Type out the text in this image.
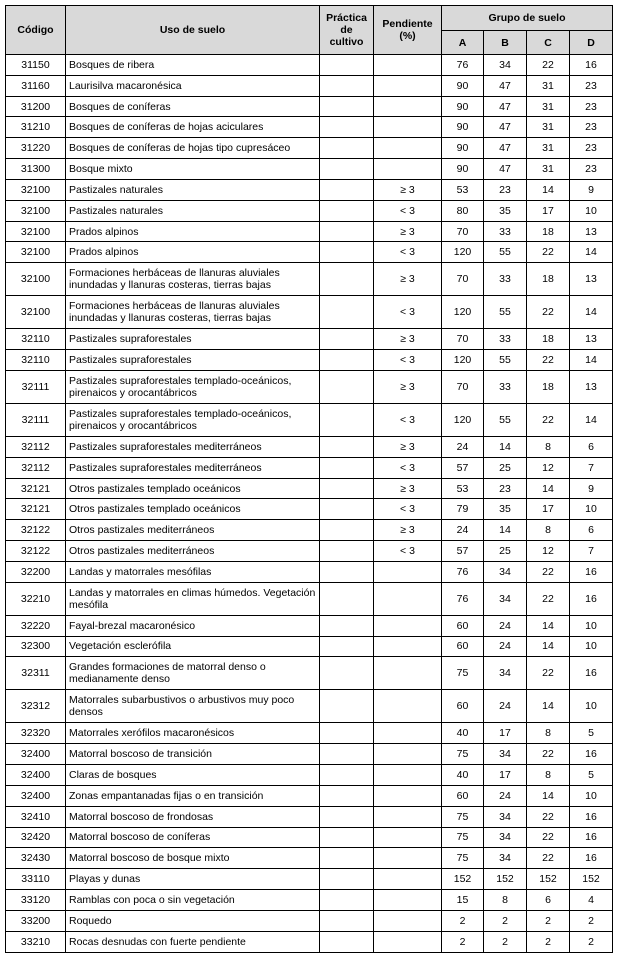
Código	Uso de suelo	Práctica de cultivo	Pendiente (%)	Grupo de suelo			
				A	B	C	D
31150	Bosques de ribera			76	34	22	16
31160	Laurisilva macaronésica			90	47	31	23
31200	Bosques de coníferas			90	47	31	23
31210	Bosques de coníferas de hojas aciculares			90	47	31	23
31220	Bosques de coníferas de hojas tipo cupresáceo			90	47	31	23
31300	Bosque mixto			90	47	31	23
32100	Pastizales naturales		≥ 3	53	23	14	9
32100	Pastizales naturales		< 3	80	35	17	10
32100	Prados alpinos		≥ 3	70	33	18	13
32100	Prados alpinos		< 3	120	55	22	14
32100	Formaciones herbáceas de llanuras aluviales inundadas y llanuras costeras, tierras bajas		≥ 3	70	33	18	13
32100	Formaciones herbáceas de llanuras aluviales inundadas y llanuras costeras, tierras bajas		< 3	120	55	22	14
32110	Pastizales supraforestales		≥ 3	70	33	18	13
32110	Pastizales supraforestales		< 3	120	55	22	14
32111	Pastizales supraforestales templado-oceánicos, pirenaicos y orocantábricos		≥ 3	70	33	18	13
32111	Pastizales supraforestales templado-oceánicos, pirenaicos y orocantábricos		< 3	120	55	22	14
32112	Pastizales supraforestales mediterráneos		≥ 3	24	14	8	6
32112	Pastizales supraforestales mediterráneos		< 3	57	25	12	7
32121	Otros pastizales templado oceánicos		≥ 3	53	23	14	9
32121	Otros pastizales templado oceánicos		< 3	79	35	17	10
32122	Otros pastizales mediterráneos		≥ 3	24	14	8	6
32122	Otros pastizales mediterráneos		< 3	57	25	12	7
32200	Landas y matorrales mesófilas			76	34	22	16
32210	Landas y matorrales en climas húmedos. Vegetación mesófila			76	34	22	16
32220	Fayal-brezal macaronésico			60	24	14	10
32300	Vegetación esclerófila			60	24	14	10
32311	Grandes formaciones de matorral denso o medianamente denso			75	34	22	16
32312	Matorrales subarbustivos o arbustivos muy poco densos			60	24	14	10
32320	Matorrales xerófilos macaronésicos			40	17	8	5
32400	Matorral boscoso de transición			75	34	22	16
32400	Claras de bosques			40	17	8	5
32400	Zonas empantanadas fijas o en transición			60	24	14	10
32410	Matorral boscoso de frondosas			75	34	22	16
32420	Matorral boscoso de coníferas			75	34	22	16
32430	Matorral boscoso de bosque mixto			75	34	22	16
33110	Playas y dunas			152	152	152	152
33120	Ramblas con poca o sin vegetación			15	8	6	4
33200	Roquedo			2	2	2	2
33210	Rocas desnudas con fuerte pendiente			2	2	2	2
